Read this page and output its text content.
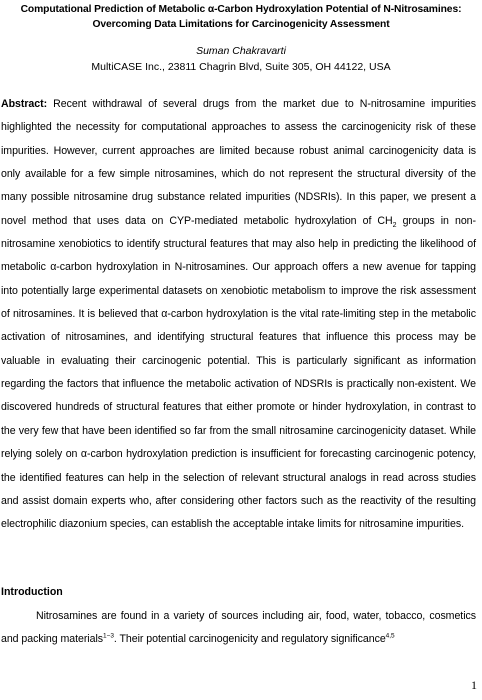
Computational Prediction of Metabolic α-Carbon Hydroxylation Potential of N-Nitrosamines:
Overcoming Data Limitations for Carcinogenicity Assessment
Suman Chakravarti
MultiCASE Inc., 23811 Chagrin Blvd, Suite 305, OH 44122, USA

Abstract: Recent withdrawal of several drugs from the market due to N-nitrosamine impurities highlighted the necessity for computational approaches to assess the carcinogenicity risk of these impurities. However, current approaches are limited because robust animal carcinogenicity data is only available for a few simple nitrosamines, which do not represent the structural diversity of the many possible nitrosamine drug substance related impurities (NDSRIs). In this paper, we present a novel method that uses data on CYP-mediated metabolic hydroxylation of $CH_2$ groups in non-nitrosamine xenobiotics to identify structural features that may also help in predicting the likelihood of metabolic α-carbon hydroxylation in N-nitrosamines. Our approach offers a new avenue for tapping into potentially large experimental datasets on xenobiotic metabolism to improve the risk assessment of nitrosamines. It is believed that α-carbon hydroxylation is the vital rate-limiting step in the metabolic activation of nitrosamines, and identifying structural features that influence this process may be valuable in evaluating their carcinogenic potential. This is particularly significant as information regarding the factors that influence the metabolic activation of NDSRIs is practically non-existent. We discovered hundreds of structural features that either promote or hinder hydroxylation, in contrast to the very few that have been identified so far from the small nitrosamine carcinogenicity dataset. While relying solely on α-carbon hydroxylation prediction is insufficient for forecasting carcinogenic potency, the identified features can help in the selection of relevant structural analogs in read across studies and assist domain experts who, after considering other factors such as the reactivity of the resulting electrophilic diazonium species, can establish the acceptable intake limits for nitrosamine impurities.

Introduction

Nitrosamines are found in a variety of sources including air, food, water, tobacco, cosmetics and packing materials$^{1-3}$. Their potential carcinogenicity and regulatory significance$^{4,5}$

1
